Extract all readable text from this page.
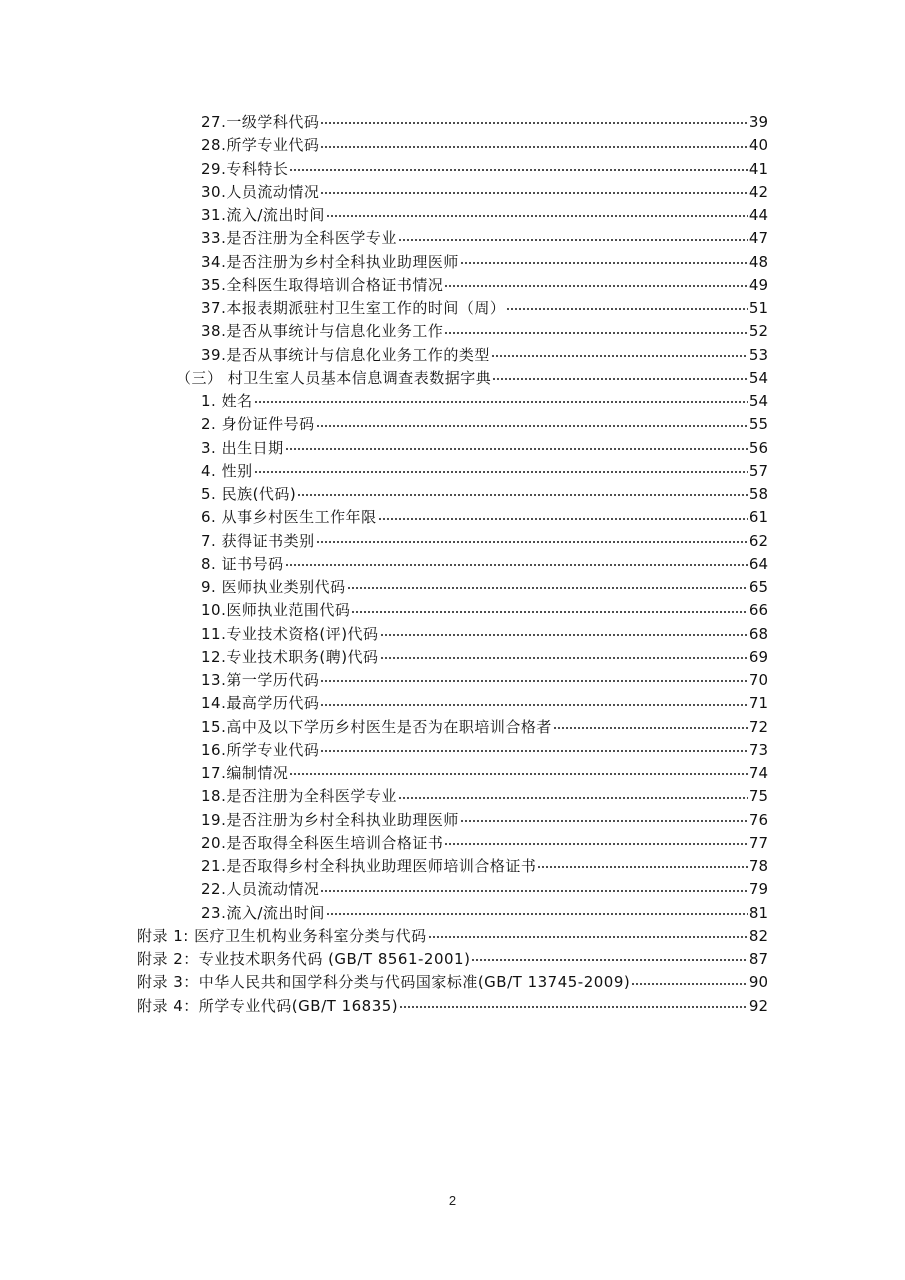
27.一级学科代码	39
28.所学专业代码	40
29.专科特长	41
30.人员流动情况	42
31.流入/流出时间	44
33.是否注册为全科医学专业	47
34.是否注册为乡村全科执业助理医师	48
35.全科医生取得培训合格证书情况	49
37.本报表期派驻村卫生室工作的时间（周）	51
38.是否从事统计与信息化业务工作	52
39.是否从事统计与信息化业务工作的类型	53
（三） 村卫生室人员基本信息调查表数据字典	54
1. 姓名	54
2. 身份证件号码	55
3. 出生日期	56
4. 性别	57
5. 民族(代码)	58
6. 从事乡村医生工作年限	61
7. 获得证书类别	62
8. 证书号码	64
9. 医师执业类别代码	65
10.医师执业范围代码	66
11.专业技术资格(评)代码	68
12.专业技术职务(聘)代码	69
13.第一学历代码	70
14.最高学历代码	71
15.高中及以下学历乡村医生是否为在职培训合格者	72
16.所学专业代码	73
17.编制情况	74
18.是否注册为全科医学专业	75
19.是否注册为乡村全科执业助理医师	76
20.是否取得全科医生培训合格证书	77
21.是否取得乡村全科执业助理医师培训合格证书	78
22.人员流动情况	79
23.流入/流出时间	81
附录 1: 医疗卫生机构业务科室分类与代码	82
附录 2：专业技术职务代码 (GB/T 8561-2001)	87
附录 3：中华人民共和国学科分类与代码国家标准(GB/T 13745-2009)	90
附录 4：所学专业代码(GB/T 16835)	92
2
